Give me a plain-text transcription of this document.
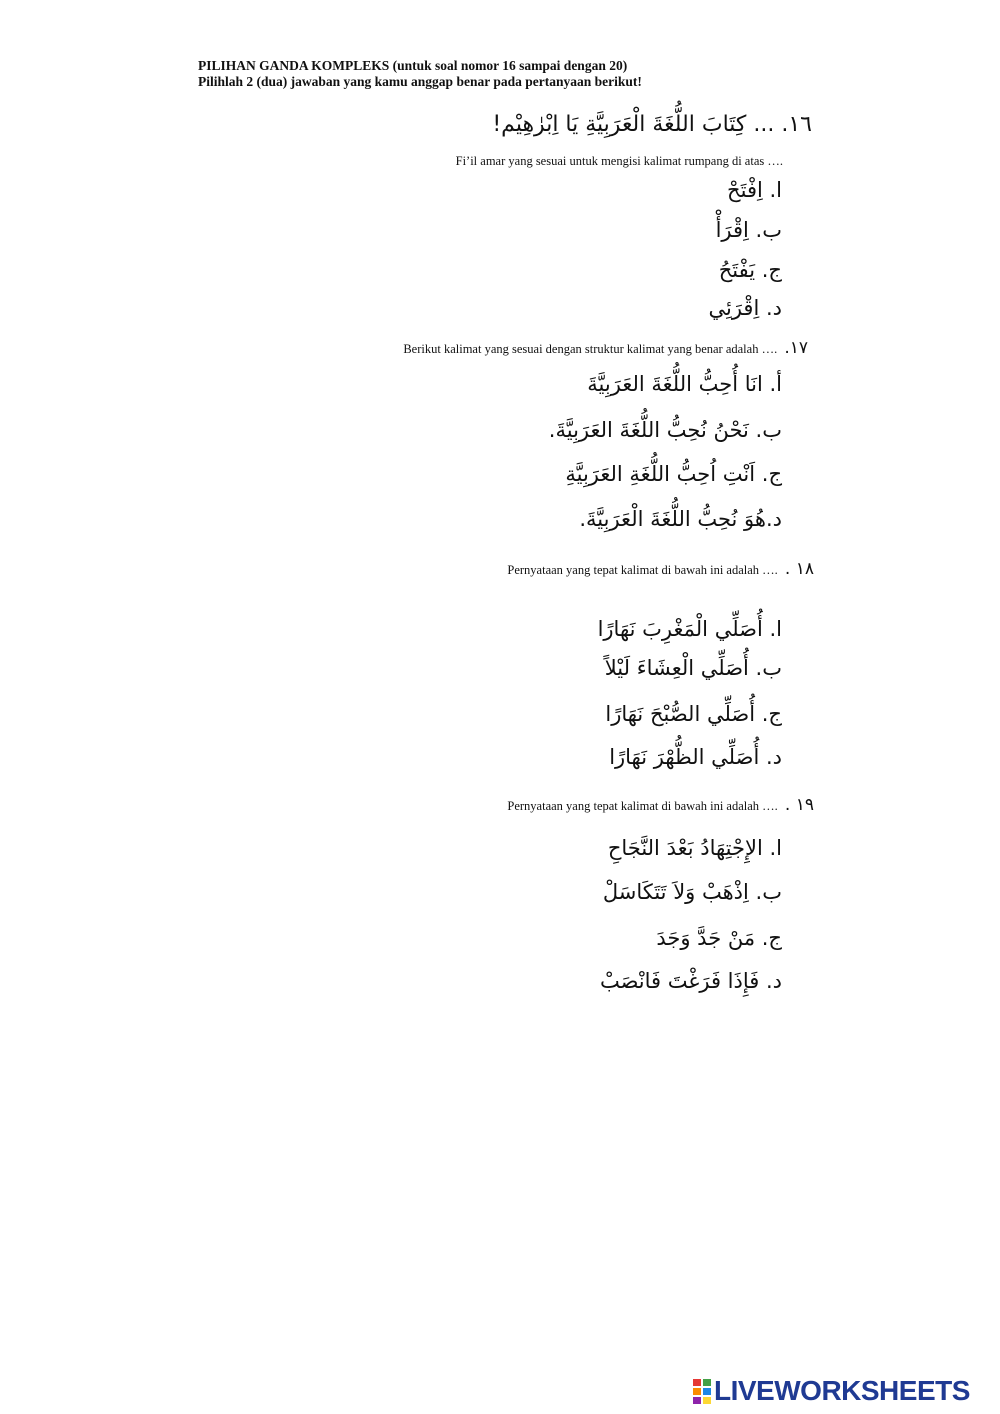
PILIHAN GANDA KOMPLEKS (untuk soal nomor 16 sampai dengan 20)
Pilihlah 2 (dua) jawaban yang kamu anggap benar pada pertanyaan berikut!
١٦. ... كِتَابَ اللُّغَةَ الْعَرَبِيَّةِ يَا اِبْرٰهِيْم!
Fi’il amar yang sesuai untuk mengisi kalimat rumpang di atas ….
ا. اِفْتَحْ
ب. اِقْرَأْ
ج. يَفْتَحُ
د. اِقْرَئِي
Berikut kalimat yang sesuai dengan struktur kalimat yang benar adalah …. .١٧
أ. انَا أُحِبُّ اللُّغَةَ العَرَبِيَّةَ
ب. نَحْنُ نُحِبُّ اللُّغَةَ العَرَبِيَّةَ.
ج. اَنْتِ اُحِبُّ اللُّغَةِ العَرَبِيَّةِ
د.هُوَ نُحِبُّ اللُّغَةَ الْعَرَبِيَّةَ.
Pernyataan yang tepat kalimat di bawah ini adalah …. . ١٨
ا. أُصَلِّي الْمَغْرِبَ نَهَارًا
ب. أُصَلِّي الْعِشَاءَ لَيْلاً
ج. أُصَلِّي الصُّبْحَ نَهَارًا
د. أُصَلِّي الظُّهْرَ نَهَارًا
Pernyataan yang tepat kalimat di bawah ini adalah …. . ١٩
ا. الإِجْتِهَادُ بَعْدَ النَّجَاحِ
ب. اِذْهَبْ وَلاَ تَتَكَاسَلْ
ج. مَنْ جَدَّ وَجَدَ
د. فَإِذَا فَرَغْتَ فَانْصَبْ
LIVEWORKSHEETS
